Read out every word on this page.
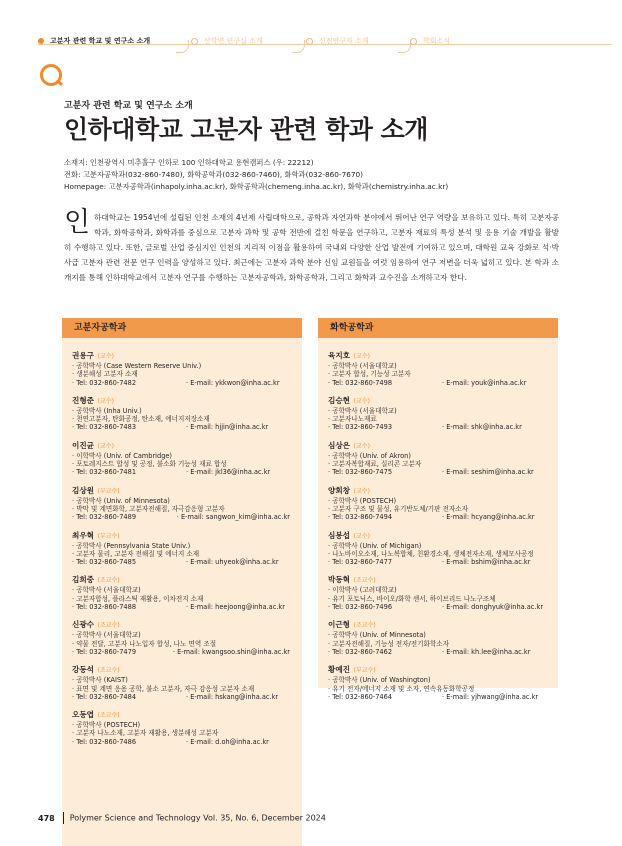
고분자 관련 학교 및 연구소 소개	산학연 연구실 소개	신진연구자 소개	학회소식
고분자 관련 학교 및 연구소 소개
인하대학교 고분자 관련 학과 소개
소재지: 인천광역시 미추홀구 인하로 100 인하대학교 용현캠퍼스 (우: 22212)
전화: 고분자공학과(032-860-7480), 화학공학과(032-860-7460), 화학과(032-860-7670)
Homepage: 고분자공학과(inhapoly.inha.ac.kr), 화학공학과(chemeng.inha.ac.kr), 화학과(chemistry.inha.ac.kr)
인하대학교는 1954년에 설립된 인천 소재의 4년제 사립대학으로, 공학과 자연과학 분야에서 뛰어난 연구 역량을 보유하고 있다. 특히 고분자공학과, 화학공학과, 화학과를 중심으로 고분자 과학 및 공학 전반에 걸친 학문을 연구하고, 고분자 재료의 특성 분석 및 응용 기술 개발을 활발히 수행하고 있다. 또한, 글로벌 산업 중심지인 인천의 지리적 이점을 활용하여 국내외 다양한 산업 발전에 기여하고 있으며, 대학원 교육 강화로 석·박사급 고분자 관련 전문 연구 인력을 양성하고 있다. 최근에는 고분자 과학 분야 신임 교원들을 여럿 임용하여 연구 저변을 더욱 넓히고 있다. 본 학과 소개지를 통해 인하대학교에서 고분자 연구를 수행하는 고분자공학과, 화학공학과, 그리고 화학과 교수진을 소개하고자 한다.
고분자공학과
권용구 (교수)
· 공학박사 (Case Western Reserve Univ.)
· 생분해성 고분자 소재
· Tel: 032-860-7482	· E-mail: ykkwon@inha.ac.kr
진형준 (교수)
· 공학박사 (Inha Univ.)
· 천연고분자, 탄화공정, 탄소재, 에너지저장소재
· Tel: 032-860-7483	· E-mail: hjjin@inha.ac.kr
이진균 (교수)
· 이학박사 (Univ. of Cambridge)
· 포토레지스트 합성 및 공정, 불소화 기능성 재료 합성
· Tel: 032-860-7481	· E-mail: jkl36@inha.ac.kr
김상원 (부교수)
· 공학박사 (Univ. of Minnesota)
· 박막 및 계면화학, 고분자전해질, 자극감응형 고분자
· Tel: 032-860-7489	· E-mail: sangwon_kim@inha.ac.kr
최우혁 (부교수)
· 공학박사 (Pennsylvania State Univ.)
· 고분자 물리, 고분자 전해질 및 에너지 소재
· Tel: 032-860-7485	· E-mail: uhyeok@inha.ac.kr
김희중 (조교수)
· 공학박사 (서울대학교)
· 고분자합성, 플라스틱 재활용, 이차전지 소재
· Tel: 032-860-7488	· E-mail: heejoong@inha.ac.kr
신광수 (조교수)
· 공학박사 (서울대학교)
· 약물 전달, 고분자 나노입자 합성, 나노 면역 조절
· Tel: 032-860-7479	· E-mail: kwangsoo.shin@inha.ac.kr
강동석 (조교수)
· 공학박사 (KAIST)
· 표면 및 계면 응용 공학, 불소 고분자, 자극 감응성 고분자 소재
· Tel: 032-860-7484	· E-mail: hskang@inha.ac.kr
오동엽 (조교수)
· 공학박사 (POSTECH)
· 고분자 나노소재, 고분자 재활용, 생분해성 고분자
· Tel: 032-860-7486	· E-mail: d.oh@inha.ac.kr
화학공학과
육지호 (교수)
· 공학박사 (서울대학교)
· 고분자 합성, 기능성 고분자
· Tel: 032-860-7498	· E-mail: youk@inha.ac.kr
김승현 (교수)
· 공학박사 (서울대학교)
· 고분자나노재료
· Tel: 032-860-7493	· E-mail: shk@inha.ac.kr
심상은 (교수)
· 공학박사 (Univ. of Akron)
· 고분자복합재료, 실리콘 고분자
· Tel: 032-860-7475	· E-mail: seshim@inha.ac.kr
양회창 (교수)
· 공학박사 (POSTECH)
· 고분자 구조 및 물성, 유기반도체/기판 전자소자
· Tel: 032-860-7494	· E-mail: hcyang@inha.ac.kr
심봉섭 (교수)
· 공학박사 (Univ. of Michigan)
· 나노바이오소재, 나노복합체, 친환경소재, 생체전자소재, 생체모사공정
· Tel: 032-860-7477	· E-mail: bshim@inha.ac.kr
박동혁 (조교수)
· 이학박사 (고려대학교)
· 유기 포토닉스, 바이오/화학 센서, 하이브리드 나노구조체
· Tel: 032-860-7496	· E-mail: donghyuk@inha.ac.kr
이근형 (조교수)
· 공학박사 (Univ. of Minnesota)
· 고분자전해질, 기능성 전자/전기화학소자
· Tel: 032-860-7462	· E-mail: kh.lee@inha.ac.kr
황예진 (부교수)
· 공학박사 (Univ. of Washington)
· 유기 전자/에너지 소재 및 소자, 연속유동화학공정
· Tel: 032-860-7464	· E-mail: yjhwang@inha.ac.kr
478 Polymer Science and Technology Vol. 35, No. 6, December 2024
